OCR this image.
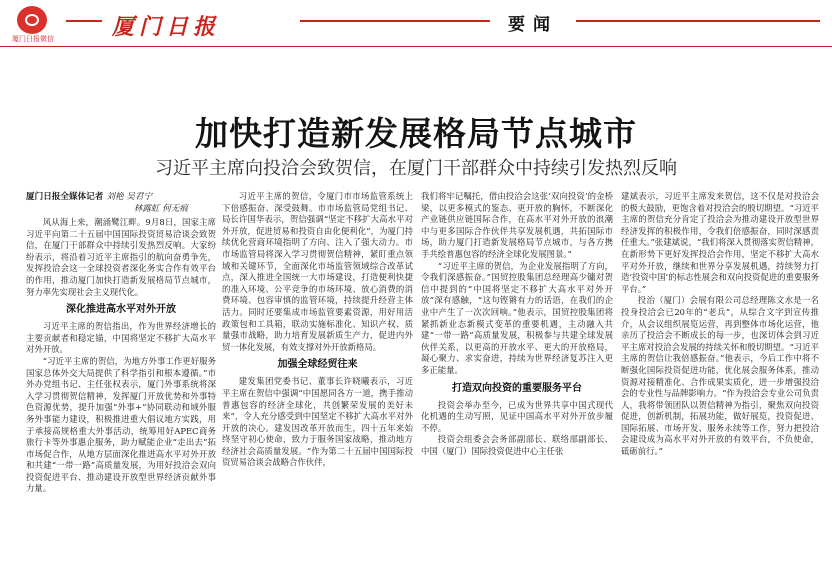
厦门日报微信	厦门日报	要闻
加快打造新发展格局节点城市
习近平主席向投洽会致贺信，在厦门干部群众中持续引发热烈反响
厦门日报全媒体记者 刘艳 吴君宁
林露虹 何无痕

风从海上来，潮涌鹭江畔。9月8日，国家主席习近平向第二十五届中国国际投资贸易洽谈会致贺信，在厦门干部群众中持续引发热烈反响。大家纷纷表示，将沿着习近平主席指引的航向奋勇争先，发挥投洽会这一全球投资者深化务实合作有效平台的作用，推动厦门加快打造新发展格局节点城市，努力率先实现社会主义现代化。

深化推进高水平对外开放

习近平主席的贺信指出，作为世界经济增长的主要贡献者和稳定锚，中国将坚定不移扩大高水平对外开放。

“习近平主席的贺信，为地方外事工作更好服务国家总体外交大局提供了科学指引和根本遵循。”市外办党组书记、主任张权表示，厦门外事系统将深入学习贯彻贺信精神，发挥厦门开放优势和外事特色资源优势，提升加强“外事+”协同联动和域外服务外事能力建设，积极推进重大倡议地方实践，用于承接高规格重大外事活动，统筹用好APEC商务旅行卡等外事惠企服务，助力赋能企业“走出去”拓市场促合作，从地方层面深化推进高水平对外开放和共建“一带一路”高质量发展，为用好投洽会双向投资促进平台、推动建设开放型世界经济贡献外事力量。

习近平主席的贺信，令厦门市市场监管系统上下倍感振奋、深受鼓舞。市市场监管局党组书记、局长许国华表示，贺信强调“坚定不移扩大高水平对外开放，促进贸易和投资自由化便利化”，为厦门持续优化营商环境指明了方向、注入了强大动力。市市场监管局将深入学习贯彻贺信精神，紧盯重点领域和关键环节，全面深化市场监管领域综合改革试点，深入推进全国统一大市场建设，打造便利快捷的准入环境、公平竞争的市场环境、放心消费的消费环境、包容审慎的监管环境，持续提升经营主体活力。同时还要集成市场监管要素资源，用好用活政策包和工具箱，联动实施标准化、知识产权、质量强市战略，助力培育发展新质生产力，促进内外贸一体化发展，有效支撑对外开放新格局。

加强全球经贸往来

建发集团党委书记、董事长许晓曦表示，习近平主席在贺信中强调“中国愿同各方一道，携手推动普惠包容的经济全球化，共创繁荣发展的美好未来”，令人充分感受到中国坚定不移扩大高水平对外开放的决心。建发因改革开放而生，四十五年来始终坚守初心使命，致力于服务国家战略，推动地方经济社会高质量发展。“作为第二十五届中国国际投资贸易洽谈会战略合作伙伴，

我们将牢记嘱托，借由投洽会这张‘双向投资’的金桥梁，以更多模式的鉴态、更开放的胸怀，不断深化产业链供应链国际合作，在高水平对外开放的浪潮中与更多国际合作伙伴共享发展机遇，共拓国际市场，助力厦门打造新发展格局节点城市，与各方携手共绘普惠包容的经济全球化发展图景。”

“习近平主席的贺信，为企业发展指明了方向，令我们深感振奋。”国贸控股集团总经理高少镛对贺信中提到的“中国将坚定不移扩大高水平对外开放”深有感触，“这句铿锵有力的话语，在我们的企业中产生了一次次回响。”他表示，国贸控股集团将紧抓新业态新模式变革的重要机遇，主动融入共建“一带一路”高质量发展，积极参与共建全球发展伙伴关系，以更高的开放水平、更大的开放格局，凝心聚力、求实奋进，持续为世界经济复苏注入更多正能量。

打造双向投资的重要服务平台

投资会举办至今，已成为世界共享中国式现代化机遇的生动写照，见证中国高水平对外开放步履不停。

投资会组委会会务部副部长、联络部副部长、中国（厦门）国际投资促进中心主任张

建斌表示，习近平主席发来贺信，这不仅是对投洽会的极大鼓励，更饱含着对投洽会的殷切期望。“习近平主席的贺信充分肯定了投洽会为推动建设开放型世界经济发挥的积极作用，令我们倍感振奋，同时深感责任重大。”张建斌说，“我们将深入贯彻落实贺信精神，在新形势下更好发挥投洽会作用，坚定不移扩大高水平对外开放，继续和世界分享发展机遇，持续努力打造‘投资中国’的标志性展会和双向投资促进的重要服务平台。”

投治（厦门）会展有限公司总经理陈文水是一名投身投洽会已20年的“老兵”，从综合文字到宣传推介，从会议组织展览运营，再到整体市场化运营，他亲历了投洽会不断成长的每一步，也深切体会到习近平主席对投洽会发展的持续关怀和殷切期望。“习近平主席的贺信让我倍感振奋。”他表示，今后工作中将不断强化国际投资促进功能，优化展会服务体系，推动资源对接精准化、合作成果实质化，进一步增强投洽会的专业性与品牌影响力。“作为投洽会专业公司负责人，我将带领团队以贺信精神为指引，聚焦双向投资促进，创新机制，拓展功能，做好展览，投资促进、国际拓展、市场开发、服务永续等工作，努力把投洽会建设成为高水平对外开放的有效平台，不负使命，砥砺前行。”
